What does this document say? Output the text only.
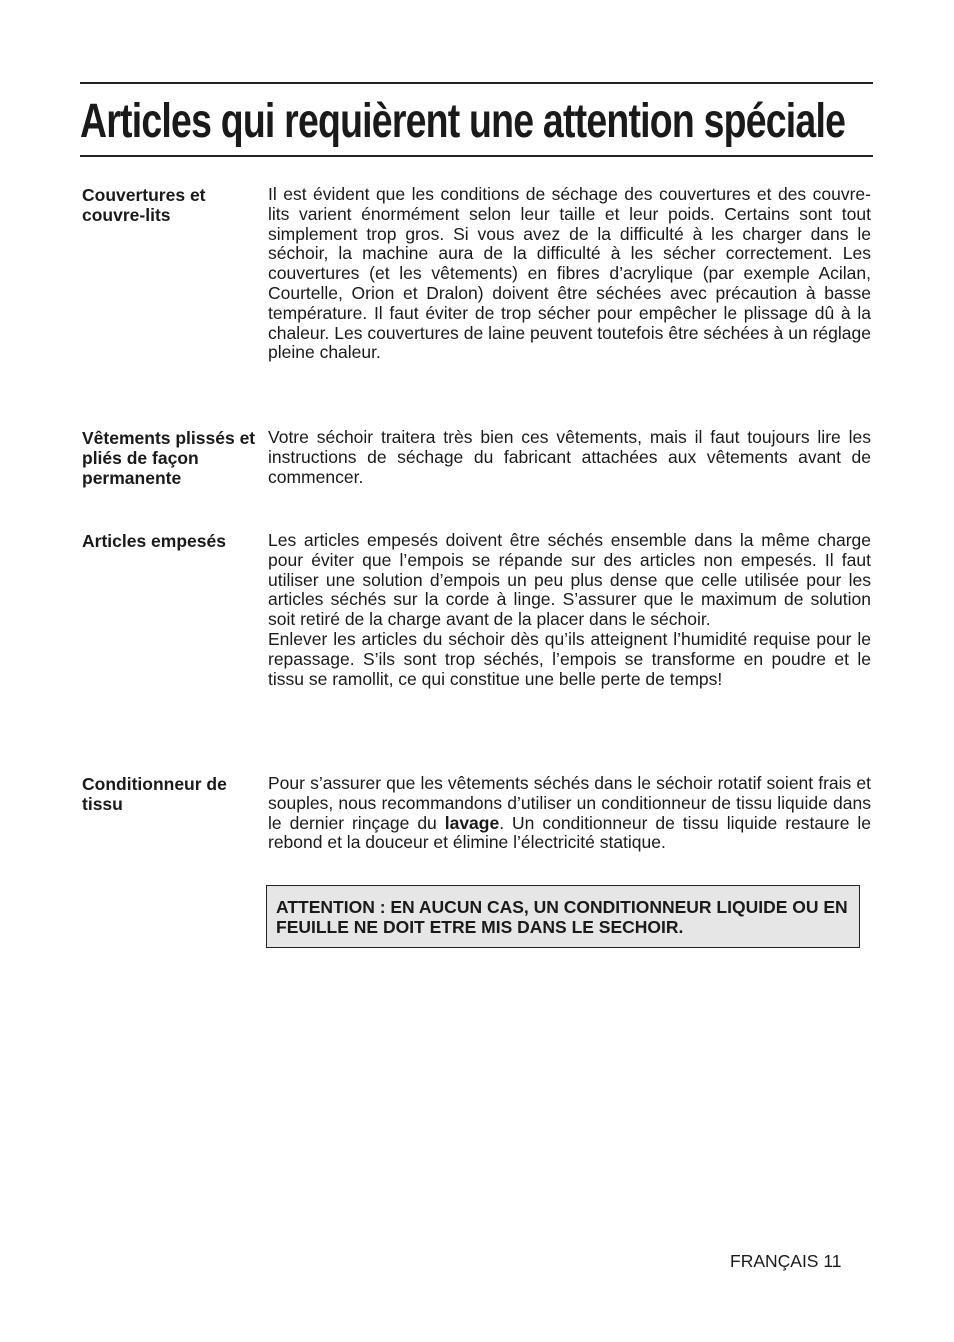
Articles qui requièrent une attention spéciale
Couvertures et couvre-lits

Il est évident que les conditions de séchage des couvertures et des couvre-lits varient énormément selon leur taille et leur poids. Certains sont tout simplement trop gros. Si vous avez de la difficulté à les charger dans le séchoir, la machine aura de la difficulté à les sécher correctement. Les couvertures (et les vêtements) en fibres d’acrylique (par exemple Acilan, Courtelle, Orion et Dralon) doivent être séchées avec précaution à basse température. Il faut éviter de trop sécher pour empêcher le plissage dû à la chaleur. Les couvertures de laine peuvent toutefois être séchées à un réglage pleine chaleur.

Vêtements plissés et pliés de façon permanente

Votre séchoir traitera très bien ces vêtements, mais il faut toujours lire les instructions de séchage du fabricant attachées aux vêtements avant de commencer.

Articles empesés	Les articles empesés doivent être séchés ensemble dans la même charge pour éviter que l’empois se répande sur des articles non empesés. Il faut utiliser une solution d’empois un peu plus dense que celle utilisée pour les articles séchés sur la corde à linge. S’assurer que le maximum de solution soit retiré de la charge avant de la placer dans le séchoir.

Enlever les articles du séchoir dès qu’ils atteignent l’humidité requise pour le repassage. S’ils sont trop séchés, l’empois se transforme en poudre et le tissu se ramollit, ce qui constitue une belle perte de temps!

Conditionneur de tissu

Pour s’assurer que les vêtements séchés dans le séchoir rotatif soient frais et souples, nous recommandons d’utiliser un conditionneur de tissu liquide dans le dernier rinçage du lavage. Un conditionneur de tissu liquide restaure le rebond et la douceur et élimine l’électricité statique.

ATTENTION : EN AUCUN CAS, UN CONDITIONNEUR LIQUIDE OU EN FEUILLE NE DOIT ETRE MIS DANS LE SECHOIR.
FRANÇAIS 11
